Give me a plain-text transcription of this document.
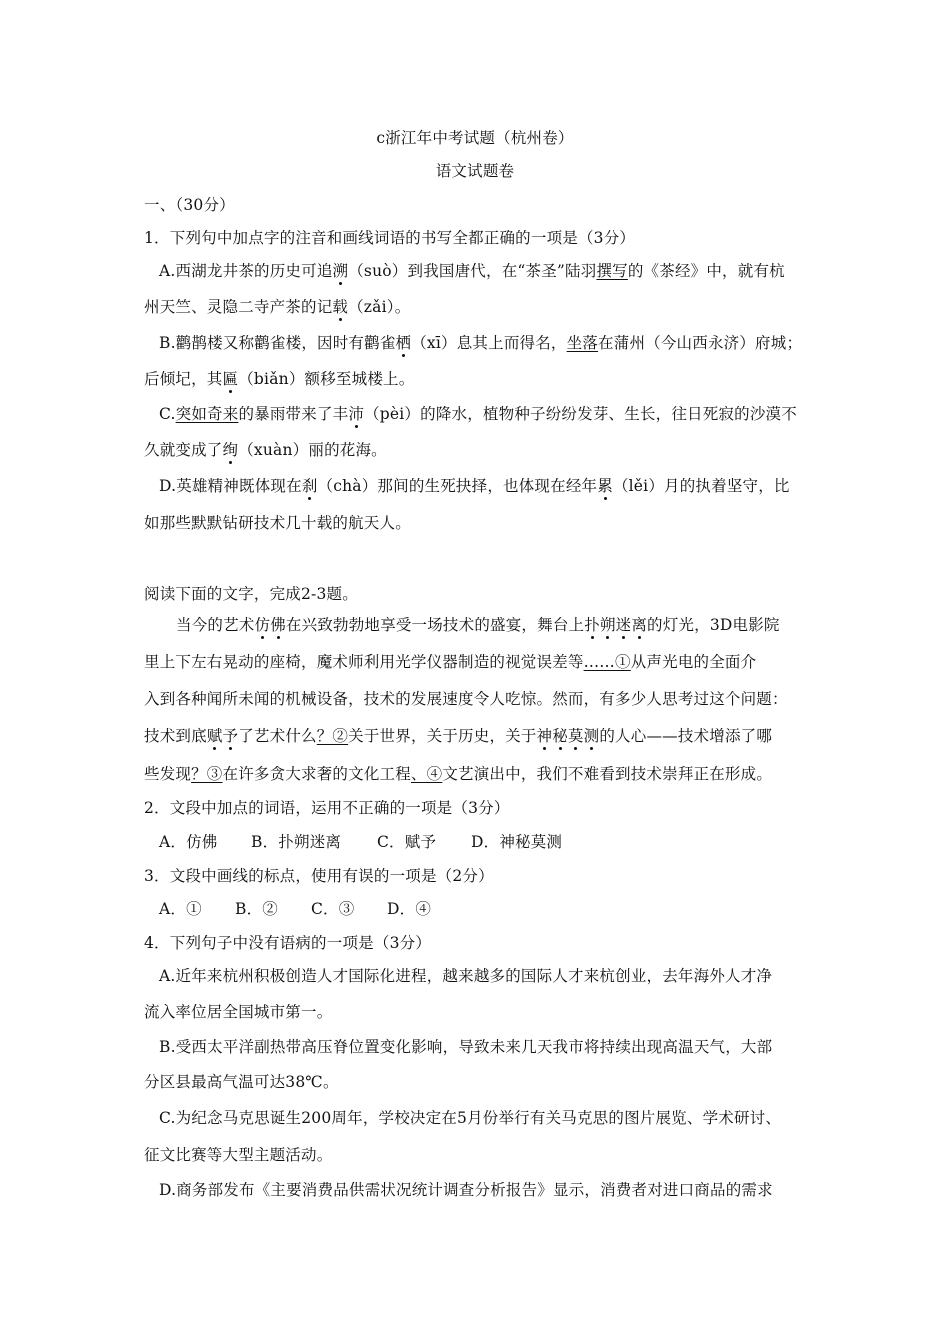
c浙江年中考试题（杭州卷）
语文试题卷
一、（30分）
1．下列句中加点字的注音和画线词语的书写全都正确的一项是（3分）
A.西湖龙井茶的历史可追溯（suò）到我国唐代，在“茶圣”陆羽撰写的《茶经》中，就有杭
州天竺、灵隐二寺产茶的记载（zǎi）。
B.鹳鹊楼又称鹳雀楼，因时有鹳雀栖（xī）息其上而得名，坐落在蒲州（今山西永济）府城；
后倾圮，其匾（biǎn）额移至城楼上。
C.突如奇来的暴雨带来了丰沛（pèi）的降水，植物种子纷纷发芽、生长，往日死寂的沙漠不
久就变成了绚（xuàn）丽的花海。
D.英雄精神既体现在刹（chà）那间的生死抉择，也体现在经年累（lěi）月的执着坚守，比
如那些默默钻研技术几十载的航天人。
阅读下面的文字，完成2-3题。
当今的艺术仿佛在兴致勃勃地享受一场技术的盛宴，舞台上扑朔迷离的灯光，3D电影院
里上下左右晃动的座椅，魔术师利用光学仪器制造的视觉误差等……①从声光电的全面介
入到各种闻所未闻的机械设备，技术的发展速度令人吃惊。然而，有多少人思考过这个问题：
技术到底赋予了艺术什么？②关于世界，关于历史，关于神秘莫测的人心——技术增添了哪
些发现？③在许多贪大求奢的文化工程、④文艺演出中，我们不难看到技术崇拜正在形成。
2．文段中加点的词语，运用不正确的一项是（3分）
A．仿佛 B．扑朔迷离 C．赋予 D．神秘莫测
3．文段中画线的标点，使用有误的一项是（2分）
A．① B．② C．③ D．④
4．下列句子中没有语病的一项是（3分）
A.近年来杭州积极创造人才国际化进程，越来越多的国际人才来杭创业，去年海外人才净
流入率位居全国城市第一。
B.受西太平洋副热带高压脊位置变化影响，导致未来几天我市将持续出现高温天气，大部
分区县最高气温可达38℃。
C.为纪念马克思诞生200周年，学校决定在5月份举行有关马克思的图片展览、学术研讨、
征文比赛等大型主题活动。
D.商务部发布《主要消费品供需状况统计调查分析报告》显示，消费者对进口商品的需求
